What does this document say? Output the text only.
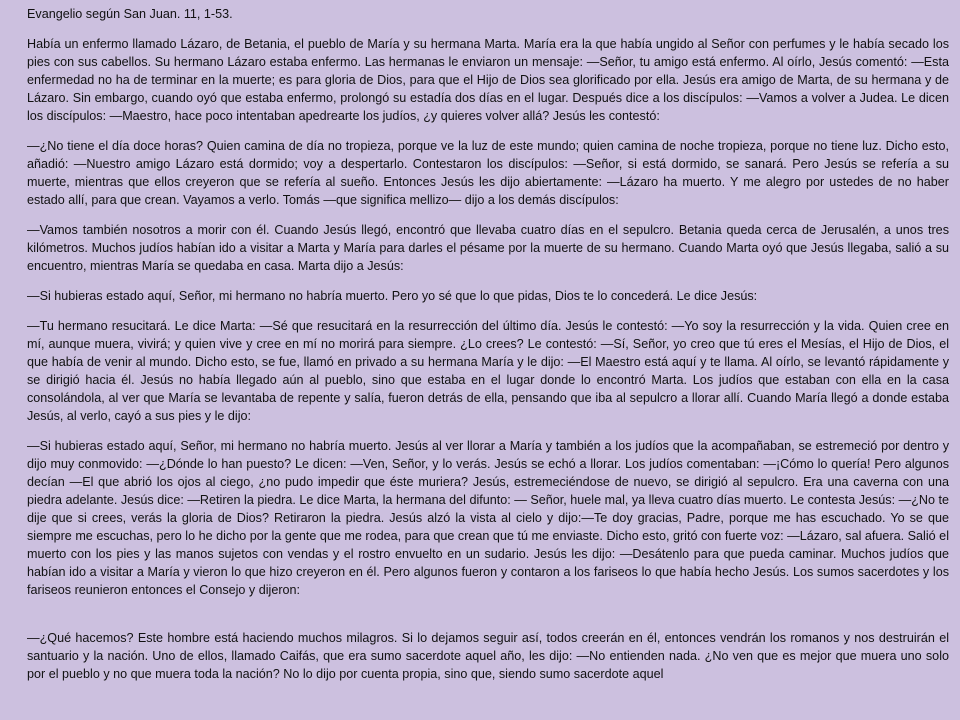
Evangelio según San Juan. 11, 1-53.

Había un enfermo llamado Lázaro, de Betania, el pueblo de María y su hermana Marta. María era la que había ungido al Señor con perfumes y le había secado los pies con sus cabellos. Su hermano Lázaro estaba enfermo. Las hermanas le enviaron un mensaje: —Señor, tu amigo está enfermo. Al oírlo, Jesús comentó: —Esta enfermedad no ha de terminar en la muerte; es para gloria de Dios, para que el Hijo de Dios sea glorificado por ella. Jesús era amigo de Marta, de su hermana y de Lázaro. Sin embargo, cuando oyó que estaba enfermo, prolongó su estadía dos días en el lugar. Después dice a los discípulos: —Vamos a volver a Judea. Le dicen los discípulos: —Maestro, hace poco intentaban apedrearte los judíos, ¿y quieres volver allá? Jesús les contestó:

—¿No tiene el día doce horas? Quien camina de día no tropieza, porque ve la luz de este mundo; quien camina de noche tropieza, porque no tiene luz. Dicho esto, añadió: —Nuestro amigo Lázaro está dormido; voy a despertarlo. Contestaron los discípulos: —Señor, si está dormido, se sanará. Pero Jesús se refería a su muerte, mientras que ellos creyeron que se refería al sueño. Entonces Jesús les dijo abiertamente: —Lázaro ha muerto. Y me alegro por ustedes de no haber estado allí, para que crean. Vayamos a verlo. Tomás —que significa mellizo— dijo a los demás discípulos:

—Vamos también nosotros a morir con él. Cuando Jesús llegó, encontró que llevaba cuatro días en el sepulcro. Betania queda cerca de Jerusalén, a unos tres kilómetros. Muchos judíos habían ido a visitar a Marta y María para darles el pésame por la muerte de su hermano. Cuando Marta oyó que Jesús llegaba, salió a su encuentro, mientras María se quedaba en casa. Marta dijo a Jesús:

—Si hubieras estado aquí, Señor, mi hermano no habría muerto. Pero yo sé que lo que pidas, Dios te lo concederá. Le dice Jesús:

—Tu hermano resucitará. Le dice Marta: —Sé que resucitará en la resurrección del último día. Jesús le contestó: —Yo soy la resurrección y la vida. Quien cree en mí, aunque muera, vivirá; y quien vive y cree en mí no morirá para siempre. ¿Lo crees? Le contestó: —Sí, Señor, yo creo que tú eres el Mesías, el Hijo de Dios, el que había de venir al mundo. Dicho esto, se fue, llamó en privado a su hermana María y le dijo: —El Maestro está aquí y te llama. Al oírlo, se levantó rápidamente y se dirigió hacia él. Jesús no había llegado aún al pueblo, sino que estaba en el lugar donde lo encontró Marta. Los judíos que estaban con ella en la casa consolándola, al ver que María se levantaba de repente y salía, fueron detrás de ella, pensando que iba al sepulcro a llorar allí. Cuando María llegó a donde estaba Jesús, al verlo, cayó a sus pies y le dijo:

—Si hubieras estado aquí, Señor, mi hermano no habría muerto. Jesús al ver llorar a María y también a los judíos que la acompañaban, se estremeció por dentro y dijo muy conmovido: —¿Dónde lo han puesto? Le dicen: —Ven, Señor, y lo verás. Jesús se echó a llorar. Los judíos comentaban: —¡Cómo lo quería! Pero algunos decían —El que abrió los ojos al ciego, ¿no pudo impedir que éste muriera? Jesús, estremeciéndose de nuevo, se dirigió al sepulcro. Era una caverna con una piedra adelante. Jesús dice: —Retiren la piedra. Le dice Marta, la hermana del difunto: — Señor, huele mal, ya lleva cuatro días muerto. Le contesta Jesús: —¿No te dije que si crees, verás la gloria de Dios? Retiraron la piedra. Jesús alzó la vista al cielo y dijo:—Te doy gracias, Padre, porque me has escuchado. Yo se que siempre me escuchas, pero lo he dicho por la gente que me rodea, para que crean que tú me enviaste. Dicho esto, gritó con fuerte voz: —Lázaro, sal afuera. Salió el muerto con los pies y las manos sujetos con vendas y el rostro envuelto en un sudario. Jesús les dijo: —Desátenlo para que pueda caminar. Muchos judíos que habían ido a visitar a María y vieron lo que hizo creyeron en él. Pero algunos fueron y contaron a los fariseos lo que había hecho Jesús. Los sumos sacerdotes y los fariseos reunieron entonces el Consejo y dijeron:

—¿Qué hacemos? Este hombre está haciendo muchos milagros. Si lo dejamos seguir así, todos creerán en él, entonces vendrán los romanos y nos destruirán el santuario y la nación. Uno de ellos, llamado Caifás, que era sumo sacerdote aquel año, les dijo: —No entienden nada. ¿No ven que es mejor que muera uno solo por el pueblo y no que muera toda la nación? No lo dijo por cuenta propia, sino que, siendo sumo sacerdote aquel
